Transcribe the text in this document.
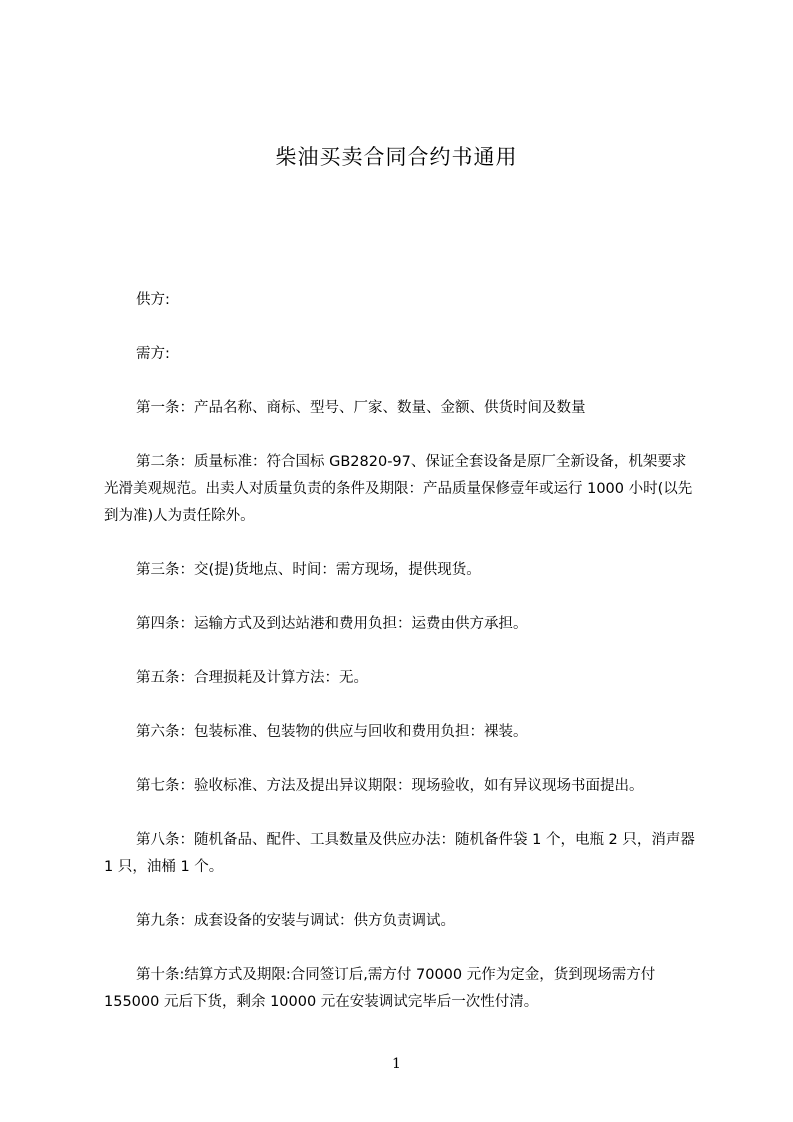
柴油买卖合同合约书通用

供方:

需方:

第一条：产品名称、商标、型号、厂家、数量、金额、供货时间及数量

第二条：质量标准：符合国标 GB2820-97、保证全套设备是原厂全新设备，机架要求光滑美观规范。出卖人对质量负责的条件及期限：产品质量保修壹年或运行 1000 小时(以先到为准)人为责任除外。

第三条：交(提)货地点、时间：需方现场，提供现货。

第四条：运输方式及到达站港和费用负担：运费由供方承担。

第五条：合理损耗及计算方法：无。

第六条：包装标准、包装物的供应与回收和费用负担：裸装。

第七条：验收标准、方法及提出异议期限：现场验收，如有异议现场书面提出。

第八条：随机备品、配件、工具数量及供应办法：随机备件袋 1 个，电瓶 2 只，消声器 1 只，油桶 1 个。

第九条：成套设备的安装与调试：供方负责调试。

第十条:结算方式及期限:合同签订后,需方付 70000 元作为定金，货到现场需方付 155000 元后下货，剩余 10000 元在安装调试完毕后一次性付清。

1
